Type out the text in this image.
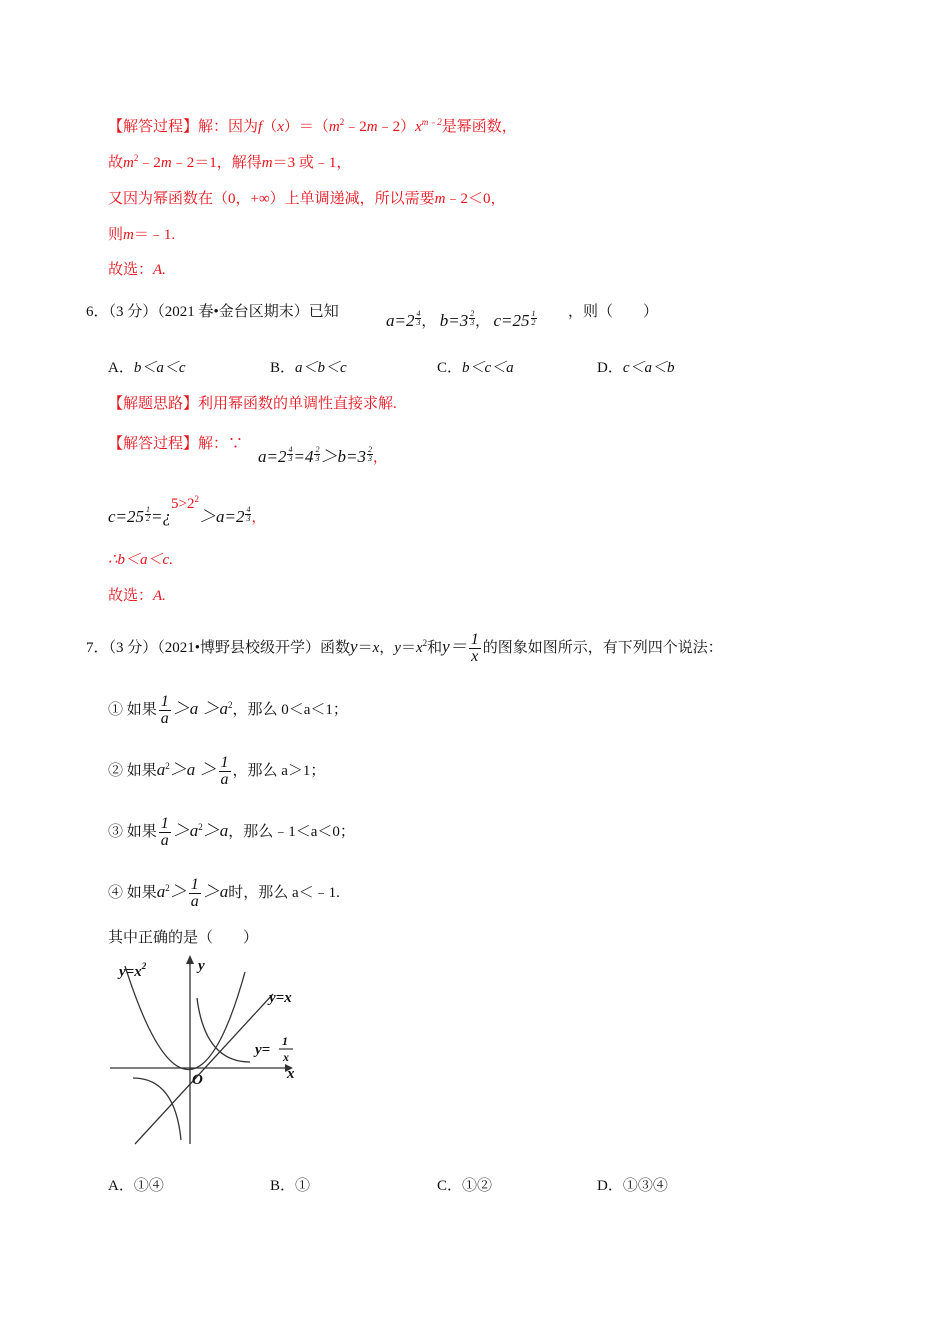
【解答过程】解：因为$f(x)=(m^2﹣2m﹣2)x^{m﹣2}$是幂函数，
故$m^2﹣2m﹣2=1$，解得m＝3 或﹣1，
又因为幂函数在（0，+∞）上单调递减，所以需要m﹣2＜0，
则m＝﹣1.
故选：A.
6．（3 分）（2021 春•金台区期末）已知	$a=2 \frac{4}{3}$ ， $b=3 \frac{2}{3}$ ， $c=25 \frac{1}{2}$ ，则（　　）
A．b＜a＜c	B．a＜b＜c	C．b＜c＜a	D．c＜a＜b
【解题思路】利用幂函数的单调性直接求解.
【解答过程】解：∵
$a=2 \frac{4}{3} =4 \frac{2}{3} >b=3 \frac{2}{3}$ ，
$c=25 \frac{1}{2}$ $=¿5>2^2>a=2 \frac{4}{3}$ ，
∴b＜a＜c.
故选：A.
7．（3 分）（2021•博野县校级开学）函数y＝x，$y=x^2$和$y= \frac{1}{x}$ 的图象如图所示，有下列四个说法：
① 如果 $\frac{1}{a} >a >a^2$，那么 0＜a＜1；
② 如果$a^2>a > \frac{1}{a}$ ，那么 a＞1；
③ 如果 $\frac{1}{a} >a^2>a$，那么﹣1＜a＜0；
④ 如果$a^2> \frac{1}{a} >a$时，那么 a＜﹣1.
其中正确的是（　　）
$y=x^2$	y
y=x
y=
1
x
O	x
A．①④	B．①	C．①②	D．①③④
